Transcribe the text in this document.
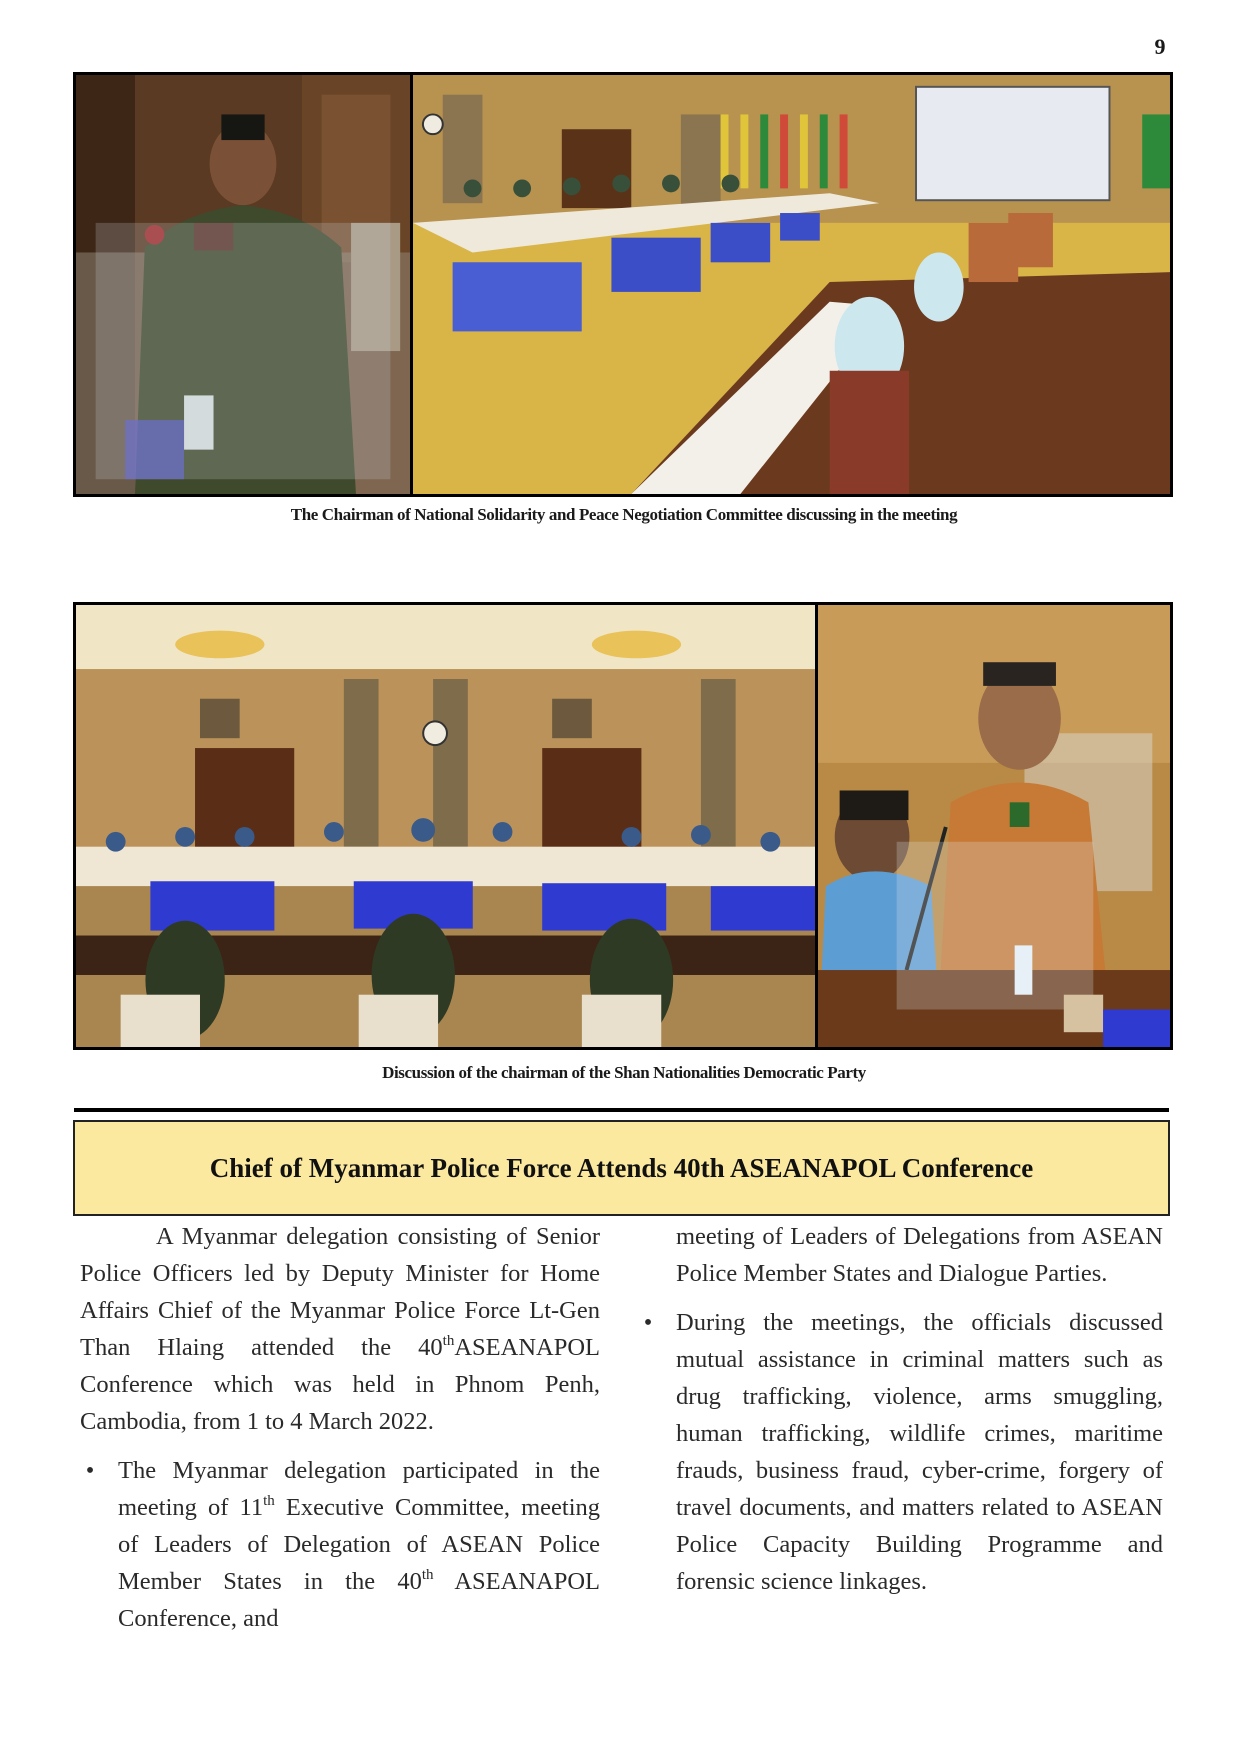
9
The Chairman of National Solidarity and Peace Negotiation Committee discussing in the meeting
Discussion of the chairman of the Shan Nationalities Democratic Party
Chief of Myanmar Police Force Attends 40th ASEANAPOL Conference

A Myanmar delegation consisting of Senior Police Officers led by Deputy Minister for Home Affairs Chief of the Myanmar Police Force Lt-Gen Than Hlaing attended the 40thASEANAPOL Conference which was held in Phnom Penh, Cambodia, from 1 to 4 March 2022.

• The Myanmar delegation participated in the meeting of 11th Executive Committee, meeting of Leaders of Delegation of ASEAN Police Member States in the 40th ASEANAPOL Conference, and

meeting of Leaders of Delegations from ASEAN Police Member States and Dialogue Parties.

• During the meetings, the officials discussed mutual assistance in criminal matters such as drug trafficking, violence, arms smuggling, human trafficking, wildlife crimes, maritime frauds, business fraud, cyber-crime, forgery of travel documents, and matters related to ASEAN Police Capacity Building Programme and forensic science linkages.
